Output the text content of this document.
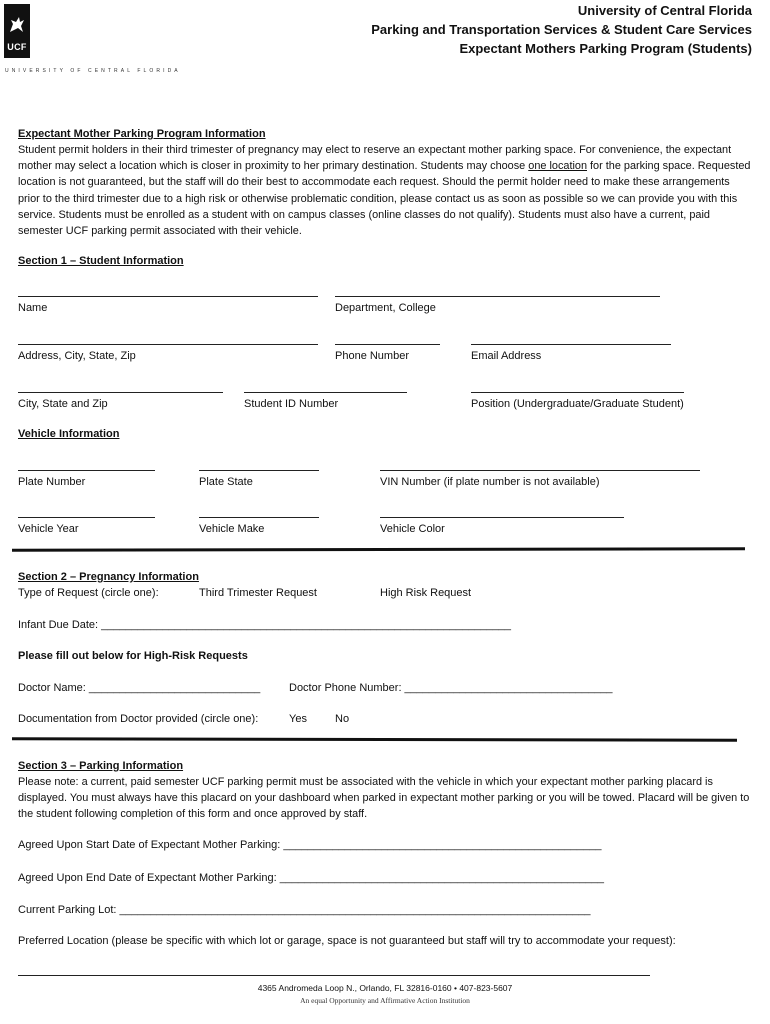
UCF
UNIVERSITY OF CENTRAL FLORIDA
University of Central Florida
Parking and Transportation Services & Student Care Services
Expectant Mothers Parking Program (Students)
Expectant Mother Parking Program Information
Student permit holders in their third trimester of pregnancy may elect to reserve an expectant mother parking space. For convenience, the expectant mother may select a location which is closer in proximity to her primary destination. Students may choose one location for the parking space. Requested location is not guaranteed, but the staff will do their best to accommodate each request. Should the permit holder need to make these arrangements prior to the third trimester due to a high risk or otherwise problematic condition, please contact us as soon as possible so we can provide you with this service. Students must be enrolled as a student with on campus classes (online classes do not qualify). Students must also have a current, paid semester UCF parking permit associated with their vehicle.
Section 1 – Student Information
Name	Department, College
Address, City, State, Zip	Phone Number	Email Address
City, State and Zip	Student ID Number	Position (Undergraduate/Graduate Student)
Vehicle Information
Plate Number	Plate State	VIN Number (if plate number is not available)
Vehicle Year	Vehicle Make	Vehicle Color
Section 2 – Pregnancy Information
Type of Request (circle one):	Third Trimester Request	High Risk Request
Infant Due Date: ___________________________________________________________________
Please fill out below for High-Risk Requests
Doctor Name: ____________________________	Doctor Phone Number: __________________________________
Documentation from Doctor provided (circle one):	Yes	No
Section 3 – Parking Information
Please note: a current, paid semester UCF parking permit must be associated with the vehicle in which your expectant mother parking placard is displayed. You must always have this placard on your dashboard when parked in expectant mother parking or you will be towed. Placard will be given to the student following completion of this form and once approved by staff.
Agreed Upon Start Date of Expectant Mother Parking: ____________________________________________________
Agreed Upon End Date of Expectant Mother Parking: _____________________________________________________
Current Parking Lot: _____________________________________________________________________________
Preferred Location (please be specific with which lot or garage, space is not guaranteed but staff will try to accommodate your request):
4365 Andromeda Loop N., Orlando, FL 32816-0160 • 407-823-5607
An equal Opportunity and Affirmative Action Institution
